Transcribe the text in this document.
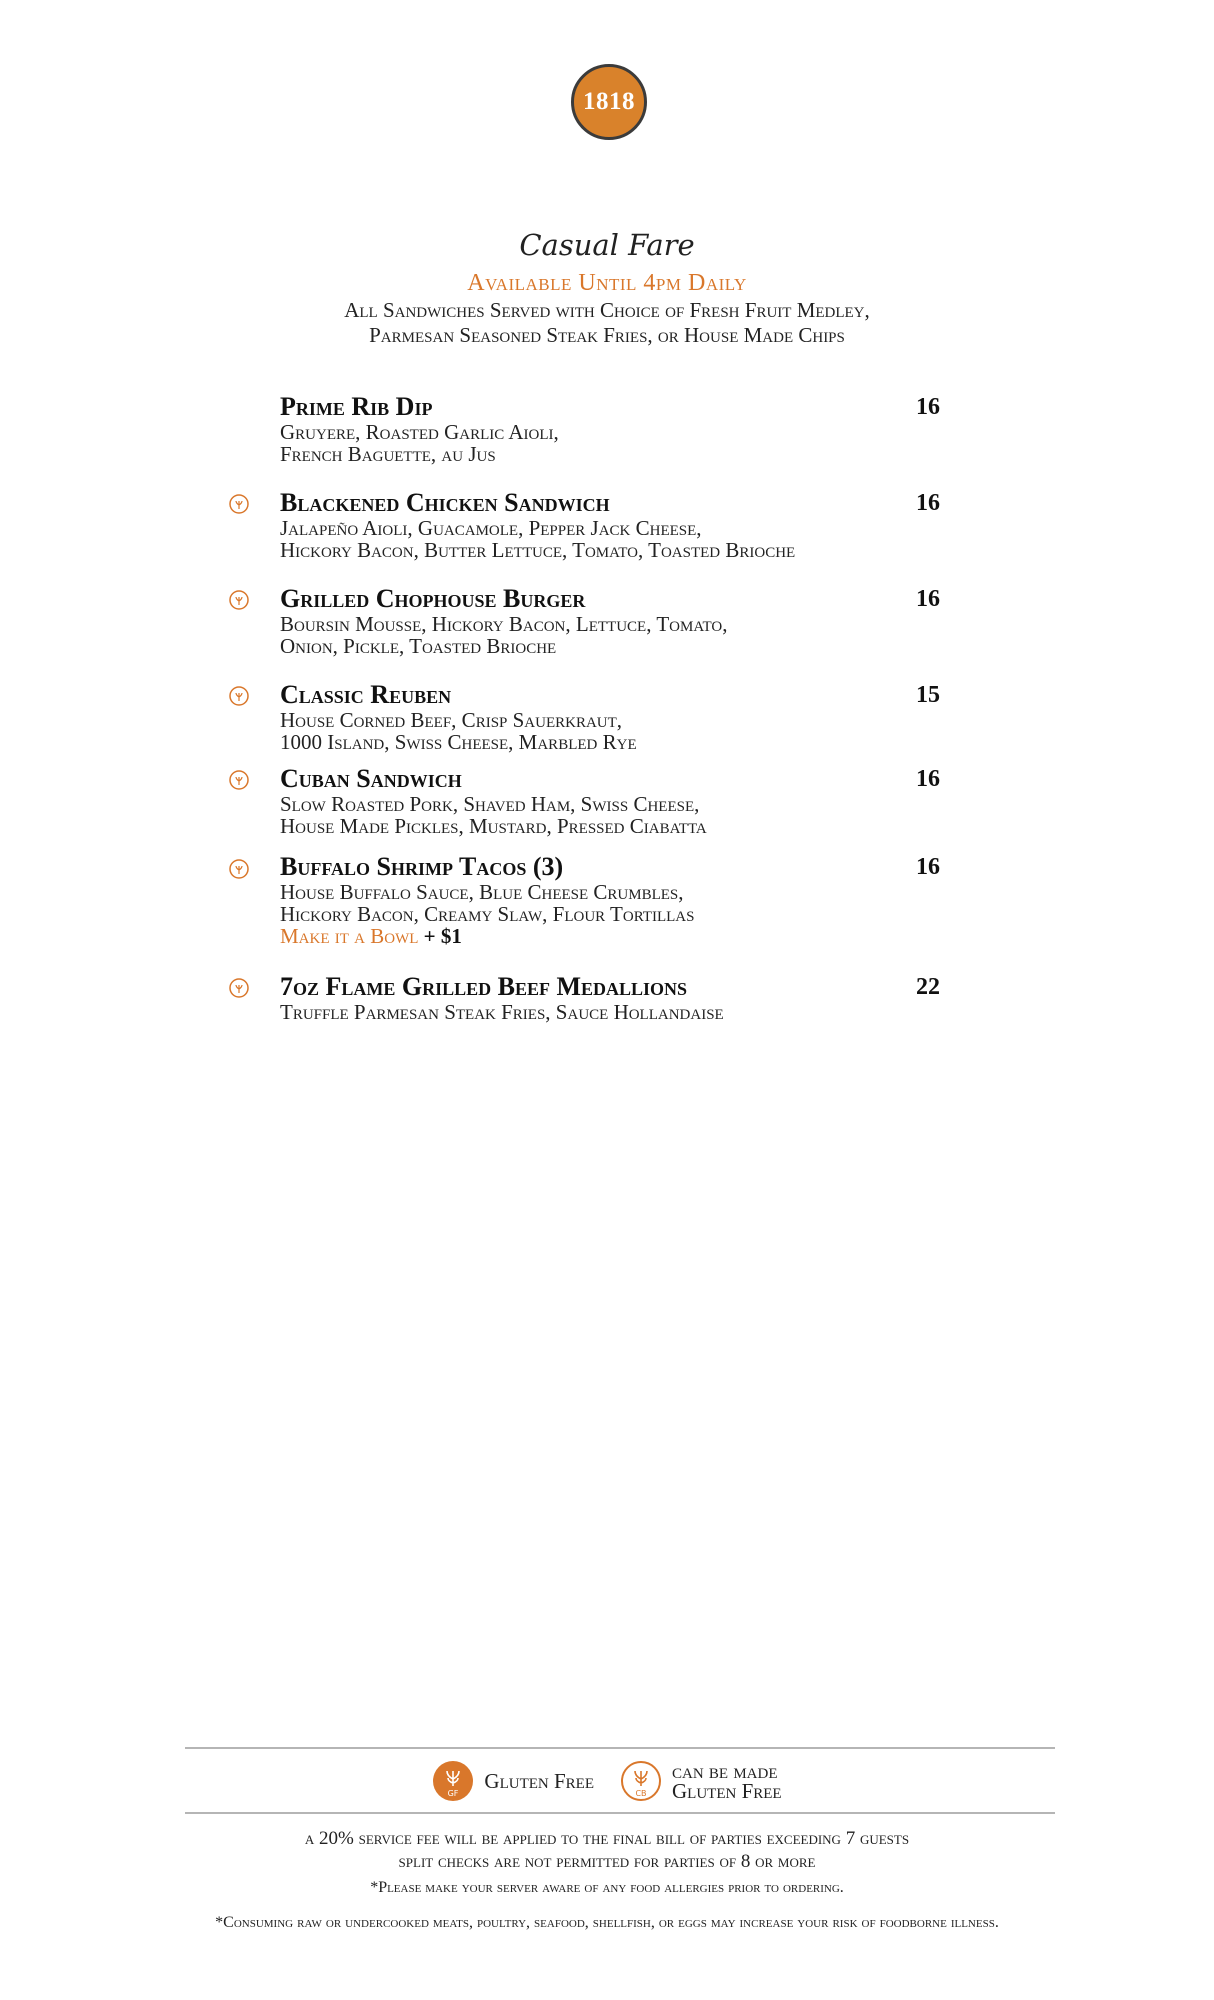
1818
Casual Fare
Available Until 4pm Daily
All Sandwiches Served with Choice of Fresh Fruit Medley,
Parmesan Seasoned Steak Fries, or House Made Chips
Prime Rib Dip	16
Gruyere, Roasted Garlic Aioli,
French Baguette, au Jus
Blackened Chicken Sandwich	16
Jalapeño Aioli, Guacamole, Pepper Jack Cheese,
Hickory Bacon, Butter Lettuce, Tomato, Toasted Brioche
Grilled Chophouse Burger	16
Boursin Mousse, Hickory Bacon, Lettuce, Tomato,
Onion, Pickle, Toasted Brioche
Classic Reuben	15
House Corned Beef, Crisp Sauerkraut,
1000 Island, Swiss Cheese, Marbled Rye
Cuban Sandwich	16
Slow Roasted Pork, Shaved Ham, Swiss Cheese,
House Made Pickles, Mustard, Pressed Ciabatta
Buffalo Shrimp Tacos (3)	16
House Buffalo Sauce, Blue Cheese Crumbles,
Hickory Bacon, Creamy Slaw, Flour Tortillas
Make it a Bowl + $1
7oz Flame Grilled Beef Medallions	22
Truffle Parmesan Steak Fries, Sauce Hollandaise
GF
Gluten Free
CB
can be made
Gluten Free
a 20% service fee will be applied to the final bill of parties exceeding 7 guests
split checks are not permitted for parties of 8 or more
*Please make your server aware of any food allergies prior to ordering.
*Consuming raw or undercooked meats, poultry, seafood, shellfish, or eggs may increase your risk of foodborne illness.
